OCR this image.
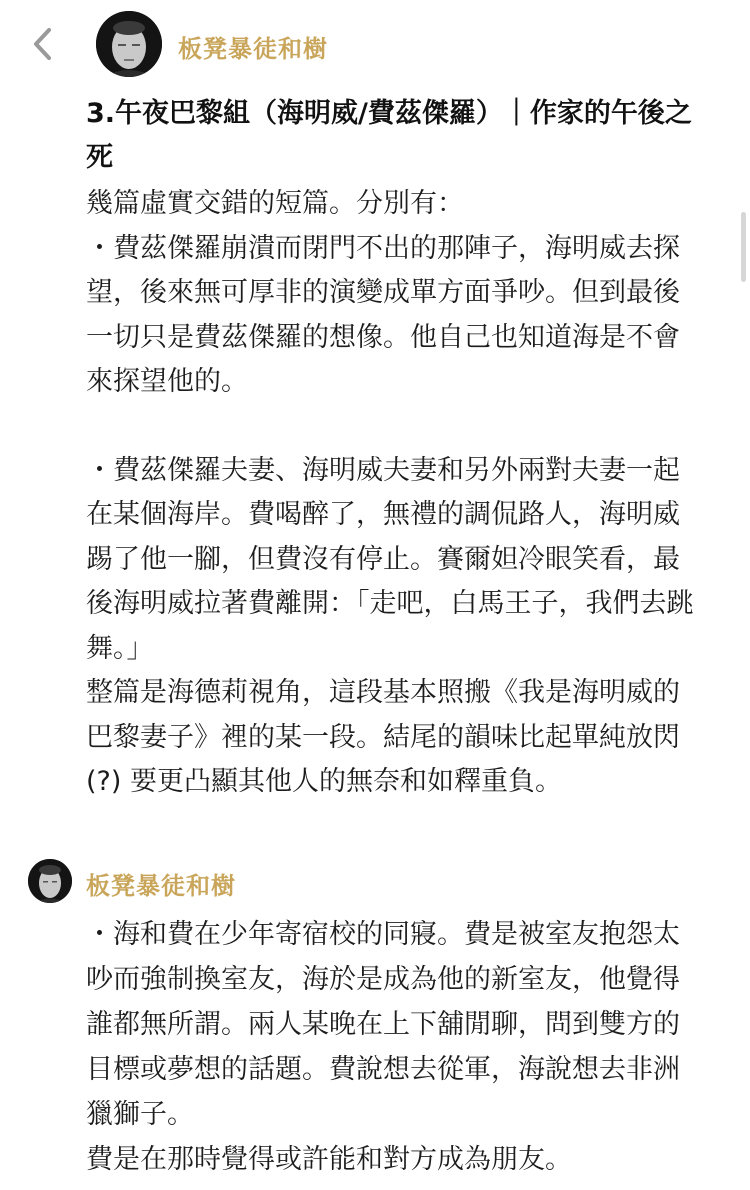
板凳暴徒和樹
3.午夜巴黎組（海明威/費茲傑羅）｜作家的午後之死

幾篇虛實交錯的短篇。分別有：

・費茲傑羅崩潰而閉門不出的那陣子，海明威去探望，後來無可厚非的演變成單方面爭吵。但到最後一切只是費茲傑羅的想像。他自己也知道海是不會來探望他的。

・費茲傑羅夫妻、海明威夫妻和另外兩對夫妻一起在某個海岸。費喝醉了，無禮的調侃路人，海明威踢了他一腳，但費沒有停止。賽爾妲冷眼笑看，最後海明威拉著費離開：「走吧，白馬王子，我們去跳舞。」

整篇是海德莉視角，這段基本照搬《我是海明威的巴黎妻子》裡的某一段。結尾的韻味比起單純放閃 (?) 要更凸顯其他人的無奈和如釋重負。

板凳暴徒和樹

・海和費在少年寄宿校的同寢。費是被室友抱怨太吵而強制換室友，海於是成為他的新室友，他覺得誰都無所謂。兩人某晚在上下舖閒聊，問到雙方的目標或夢想的話題。費說想去從軍，海說想去非洲獵獅子。

費是在那時覺得或許能和對方成為朋友。
